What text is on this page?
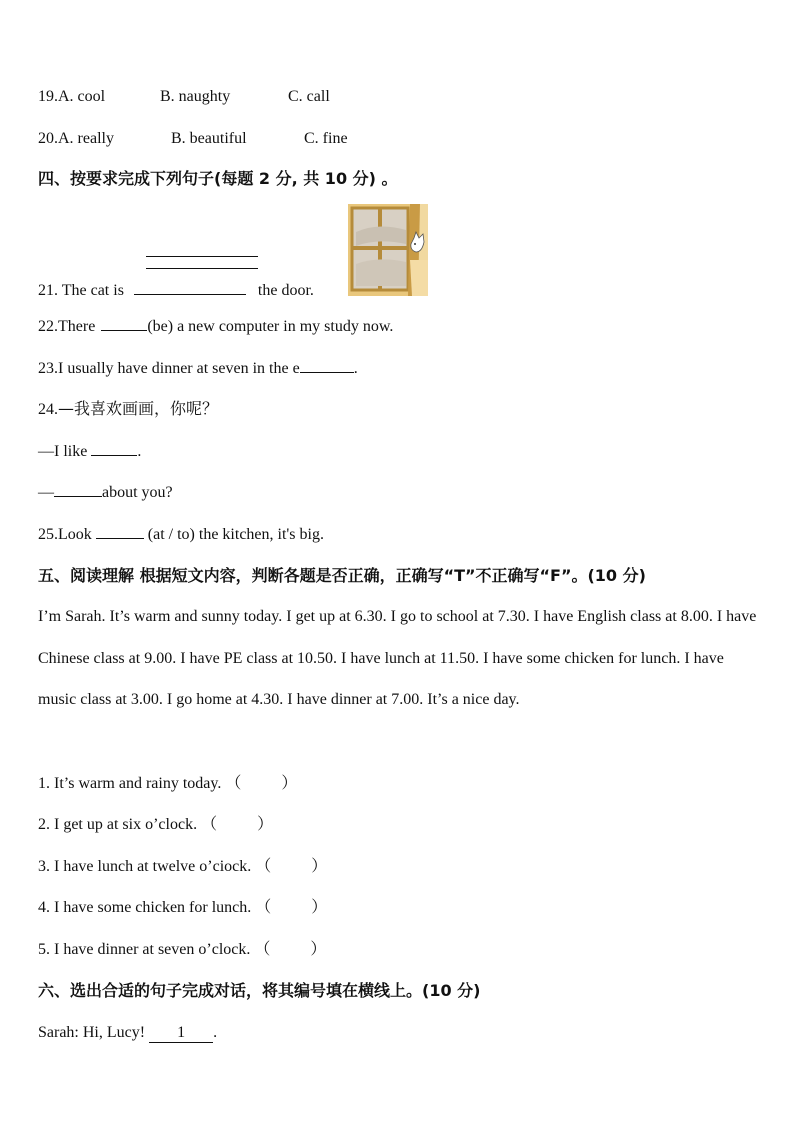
19.A. cool	B. naughty	C. call
20.A. really	B. beautiful	C. fine
四、按要求完成下列句子(每题 2 分, 共 10 分) 。
21. The cat is	the door.
22.There	(be) a new computer in my study now.
23.I usually have dinner at seven in the e	.
24.—我喜欢画画，你呢？
—I like	.
—	about you?
25.Look	(at / to) the kitchen, it's big.
五、阅读理解 根据短文内容，判断各题是否正确，正确写“T”不正确写“F”。(10 分)
I’m Sarah. It’s warm and sunny today. I get up at 6.30. I go to school at 7.30. I have English class at 8.00. I have Chinese class at 9.00. I have PE class at 10.50. I have lunch at 11.50. I have some chicken for lunch. I have music class at 3.00. I go home at 4.30. I have dinner at 7.00. It’s a nice day.
1. It’s warm and rainy today. （          ）
2. I get up at six o’clock. （          ）
3. I have lunch at twelve o’ciock. （          ）
4. I have some chicken for lunch. （          ）
5. I have dinner at seven o’clock. （          ）
六、选出合适的句子完成对话，将其编号填在横线上。(10 分)
Sarah: Hi, Lucy! 1 .
